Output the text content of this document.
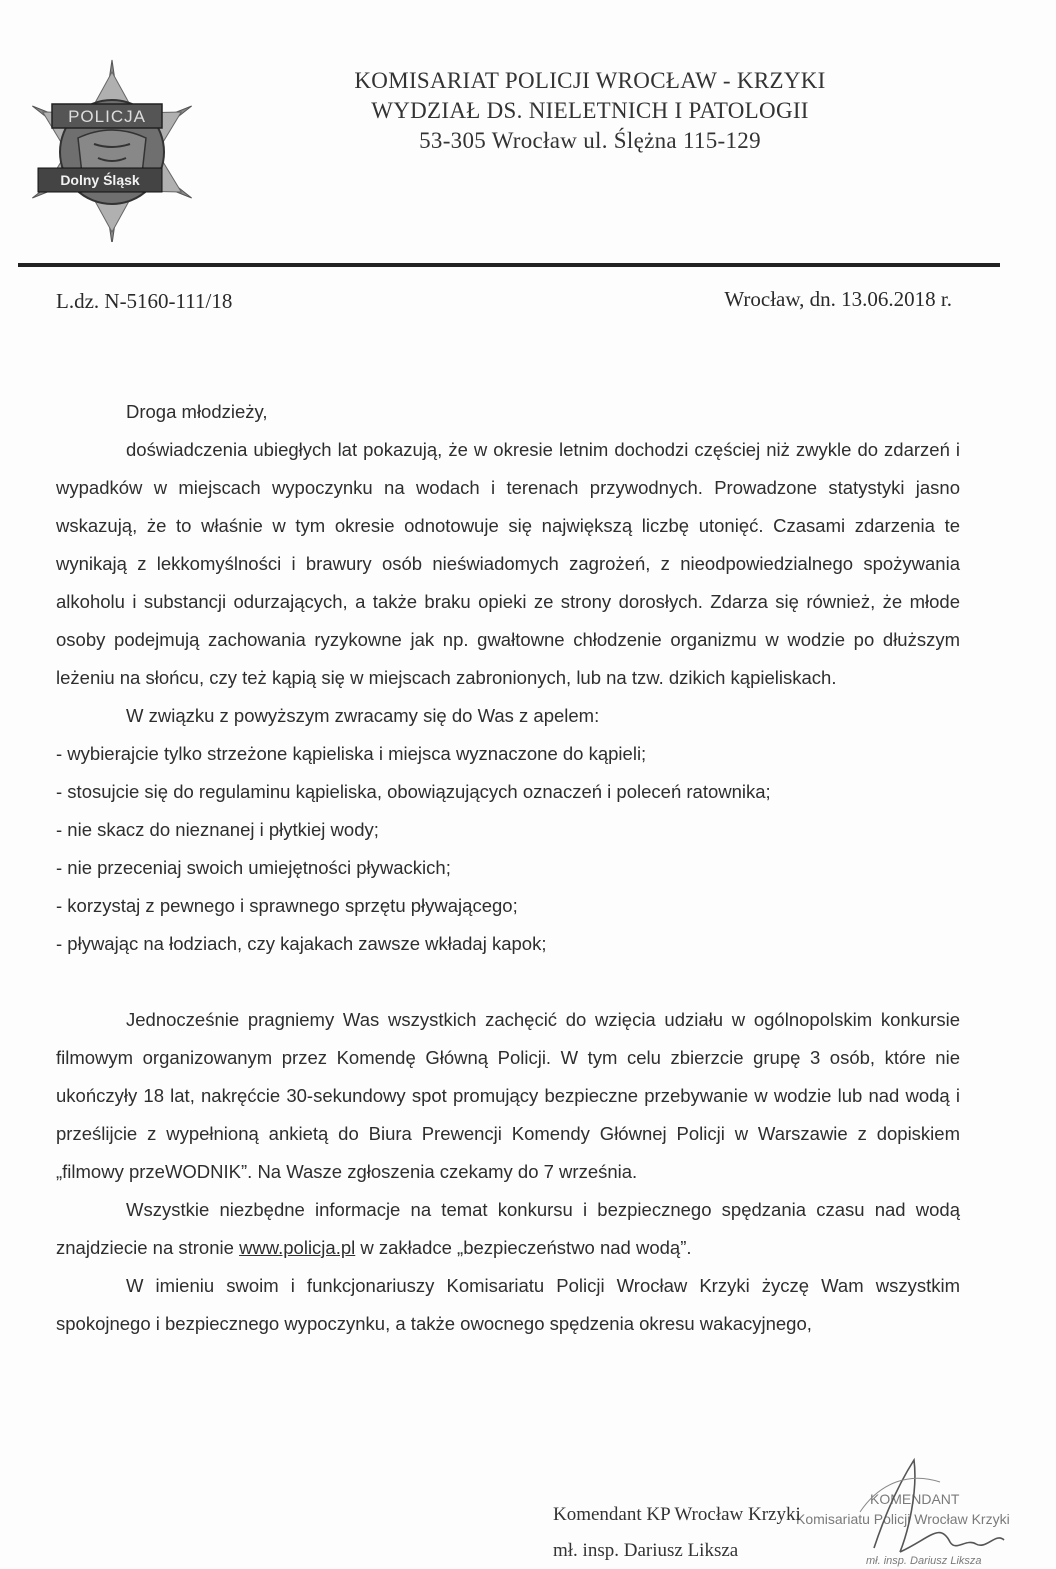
POLICJA
Dolny Śląsk
KOMISARIAT POLICJI WROCŁAW - KRZYKI
WYDZIAŁ DS. NIELETNICH I PATOLOGII
53-305 Wrocław ul. Ślężna 115-129
L.dz. N-5160-111/18	Wrocław, dn. 13.06.2018 r.

Droga młodzieży,

doświadczenia ubiegłych lat pokazują, że w okresie letnim dochodzi częściej niż zwykle do zdarzeń i wypadków w miejscach wypoczynku na wodach i terenach przywodnych. Prowadzone statystyki jasno wskazują, że to właśnie w tym okresie odnotowuje się największą liczbę utonięć. Czasami zdarzenia te wynikają z lekkomyślności i brawury osób nieświadomych zagrożeń, z nieodpowiedzialnego spożywania alkoholu i substancji odurzających, a także braku opieki ze strony dorosłych. Zdarza się również, że młode osoby podejmują zachowania ryzykowne jak np. gwałtowne chłodzenie organizmu w wodzie po dłuższym leżeniu na słońcu, czy też kąpią się w miejscach zabronionych, lub na tzw. dzikich kąpieliskach.

W związku z powyższym zwracamy się do Was z apelem:

- wybierajcie tylko strzeżone kąpieliska i miejsca wyznaczone do kąpieli;
- stosujcie się do regulaminu kąpieliska, obowiązujących oznaczeń i poleceń ratownika;
- nie skacz do nieznanej i płytkiej wody;
- nie przeceniaj swoich umiejętności pływackich;
- korzystaj z pewnego i sprawnego sprzętu pływającego;
- pływając na łodziach, czy kajakach zawsze wkładaj kapok;

Jednocześnie pragniemy Was wszystkich zachęcić do wzięcia udziału w ogólnopolskim konkursie filmowym organizowanym przez Komendę Główną Policji. W tym celu zbierzcie grupę 3 osób, które nie ukończyły 18 lat, nakręćcie 30-sekundowy spot promujący bezpieczne przebywanie w wodzie lub nad wodą i prześlijcie z wypełnioną ankietą do Biura Prewencji Komendy Głównej Policji w Warszawie z dopiskiem „filmowy przeWODNIK”. Na Wasze zgłoszenia czekamy do 7 września.

Wszystkie niezbędne informacje na temat konkursu i bezpiecznego spędzania czasu nad wodą znajdziecie na stronie www.policja.pl w zakładce „bezpieczeństwo nad wodą”.

W imieniu swoim i funkcjonariuszy Komisariatu Policji Wrocław Krzyki życzę Wam wszystkim spokojnego i bezpiecznego wypoczynku, a także owocnego spędzenia okresu wakacyjnego,

KOMENDANT
Komisariatu Policji Wrocław Krzyki
mł. insp. Dariusz Liksza
Komendant KP Wrocław Krzyki
mł. insp. Dariusz Liksza
